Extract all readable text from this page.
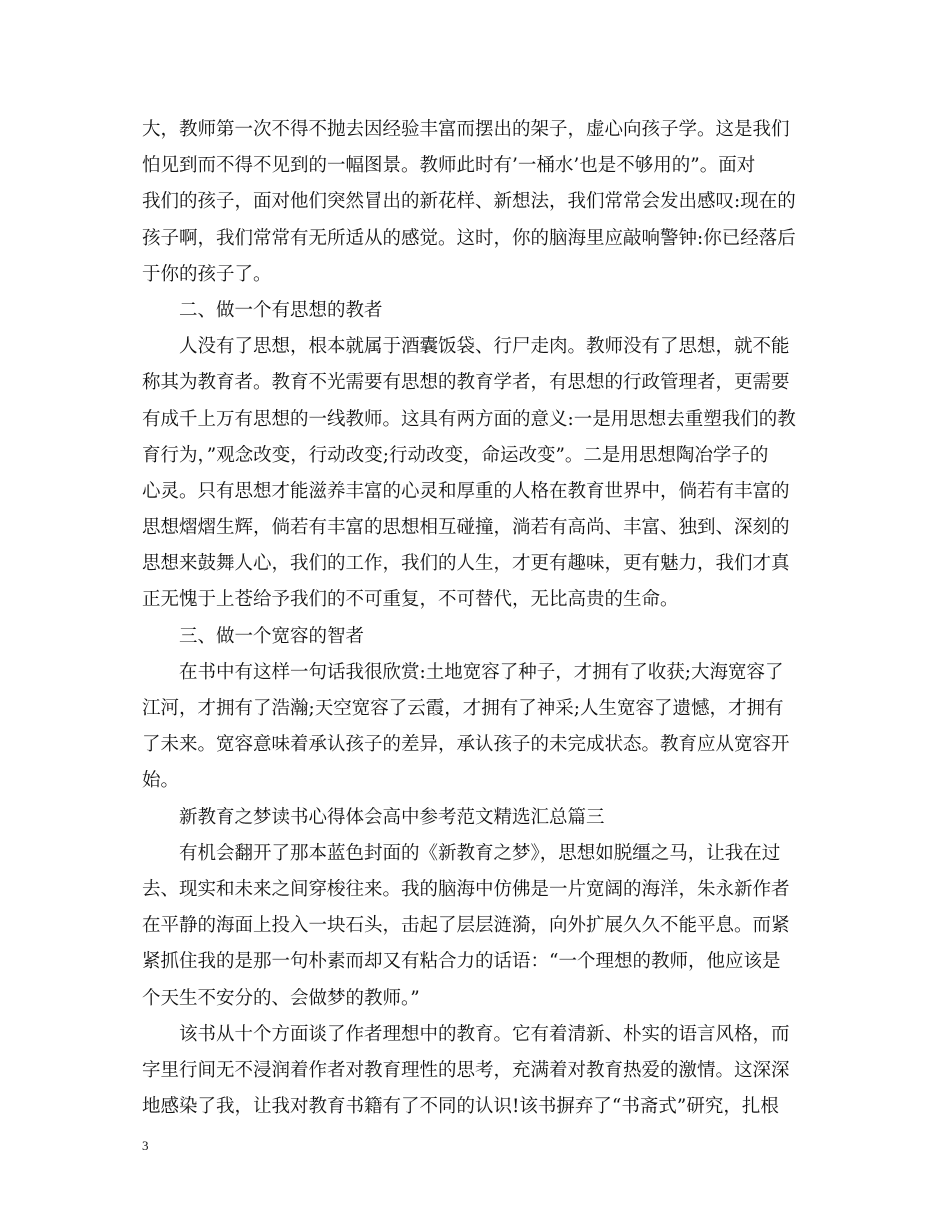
大，教师第一次不得不抛去因经验丰富而摆出的架子，虚心向孩子学。这是我们
怕见到而不得不见到的一幅图景。教师此时有’一桶水’也是不够用的”。面对
我们的孩子，面对他们突然冒出的新花样、新想法，我们常常会发出感叹:现在的
孩子啊，我们常常有无所适从的感觉。这时，你的脑海里应敲响警钟:你已经落后
于你的孩子了。
　　二、做一个有思想的教者
　　人没有了思想，根本就属于酒囊饭袋、行尸走肉。教师没有了思想，就不能
称其为教育者。教育不光需要有思想的教育学者，有思想的行政管理者，更需要
有成千上万有思想的一线教师。这具有两方面的意义:一是用思想去重塑我们的教
育行为，”观念改变，行动改变;行动改变，命运改变”。二是用思想陶冶学子的
心灵。只有思想才能滋养丰富的心灵和厚重的人格在教育世界中，倘若有丰富的
思想熠熠生辉，倘若有丰富的思想相互碰撞，淌若有高尚、丰富、独到、深刻的
思想来鼓舞人心，我们的工作，我们的人生，才更有趣味，更有魅力，我们才真
正无愧于上苍给予我们的不可重复，不可替代，无比高贵的生命。
　　三、做一个宽容的智者
　　在书中有这样一句话我很欣赏:土地宽容了种子，才拥有了收获;大海宽容了
江河，才拥有了浩瀚;天空宽容了云霞，才拥有了神采;人生宽容了遗憾，才拥有
了未来。宽容意味着承认孩子的差异，承认孩子的未完成状态。教育应从宽容开
始。
　　新教育之梦读书心得体会高中参考范文精选汇总篇三
　　有机会翻开了那本蓝色封面的《新教育之梦》，思想如脱缰之马，让我在过
去、现实和未来之间穿梭往来。我的脑海中仿佛是一片宽阔的海洋，朱永新作者
在平静的海面上投入一块石头，击起了层层涟漪，向外扩展久久不能平息。而紧
紧抓住我的是那一句朴素而却又有粘合力的话语：“一个理想的教师，他应该是
个天生不安分的、会做梦的教师。”
　　该书从十个方面谈了作者理想中的教育。它有着清新、朴实的语言风格，而
字里行间无不浸润着作者对教育理性的思考，充满着对教育热爱的激情。这深深
地感染了我，让我对教育书籍有了不同的认识!该书摒弃了“书斋式”研究，扎根
3
